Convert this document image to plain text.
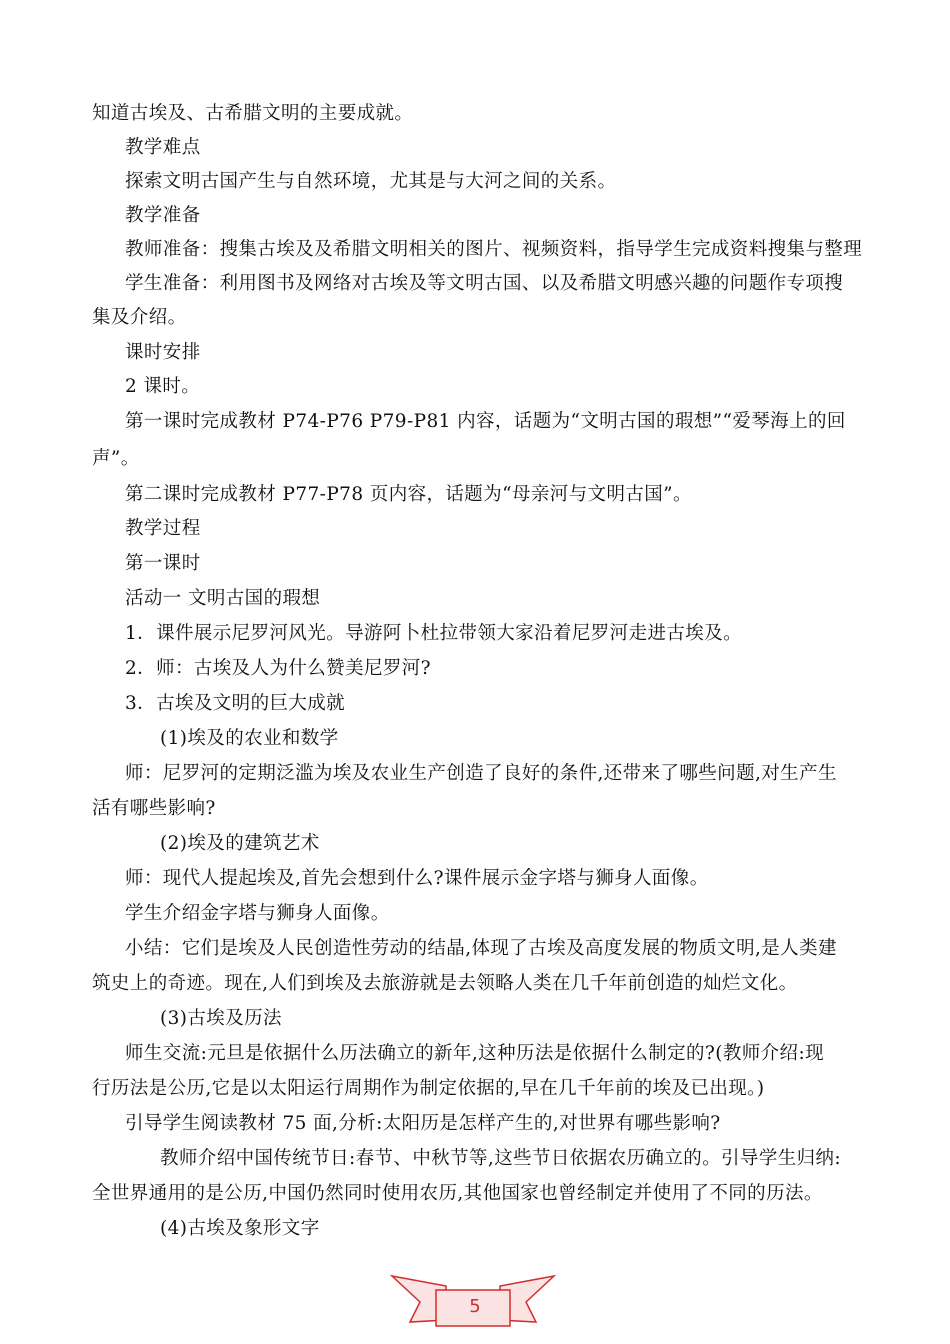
知道古埃及、古希腊文明的主要成就。
教学难点
探索文明古国产生与自然环境，尤其是与大河之间的关系。
教学准备
教师准备：搜集古埃及及希腊文明相关的图片、视频资料，指导学生完成资料搜集与整理
学生准备：利用图书及网络对古埃及等文明古国、以及希腊文明感兴趣的问题作专项搜
集及介绍。
课时安排
2 课时。
第一课时完成教材 P74-P76 P79-P81 内容，话题为“文明古国的瑕想”“爱琴海上的回
声”。
第二课时完成教材 P77-P78 页内容，话题为“母亲河与文明古国”。
教学过程
第一课时
活动一 文明古国的瑕想
1．课件展示尼罗河风光。导游阿卜杜拉带领大家沿着尼罗河走进古埃及。
2．师：古埃及人为什么赞美尼罗河?
3．古埃及文明的巨大成就
(1)埃及的农业和数学
师：尼罗河的定期泛滥为埃及农业生产创造了良好的条件,还带来了哪些问题,对生产生
活有哪些影响?
(2)埃及的建筑艺术
师：现代人提起埃及,首先会想到什么?课件展示金字塔与狮身人面像。
学生介绍金字塔与狮身人面像。
小结：它们是埃及人民创造性劳动的结晶,体现了古埃及高度发展的物质文明,是人类建
筑史上的奇迹。现在,人们到埃及去旅游就是去领略人类在几千年前创造的灿烂文化。
(3)古埃及历法
师生交流:元旦是依据什么历法确立的新年,这种历法是依据什么制定的?(教师介绍:现
行历法是公历,它是以太阳运行周期作为制定依据的,早在几千年前的埃及已出现。)
引导学生阅读教材 75 面,分析:太阳历是怎样产生的,对世界有哪些影响?
教师介绍中国传统节日:春节、中秋节等,这些节日依据农历确立的。引导学生归纳:
全世界通用的是公历,中国仍然同时使用农历,其他国家也曾经制定并使用了不同的历法。
(4)古埃及象形文字
5
